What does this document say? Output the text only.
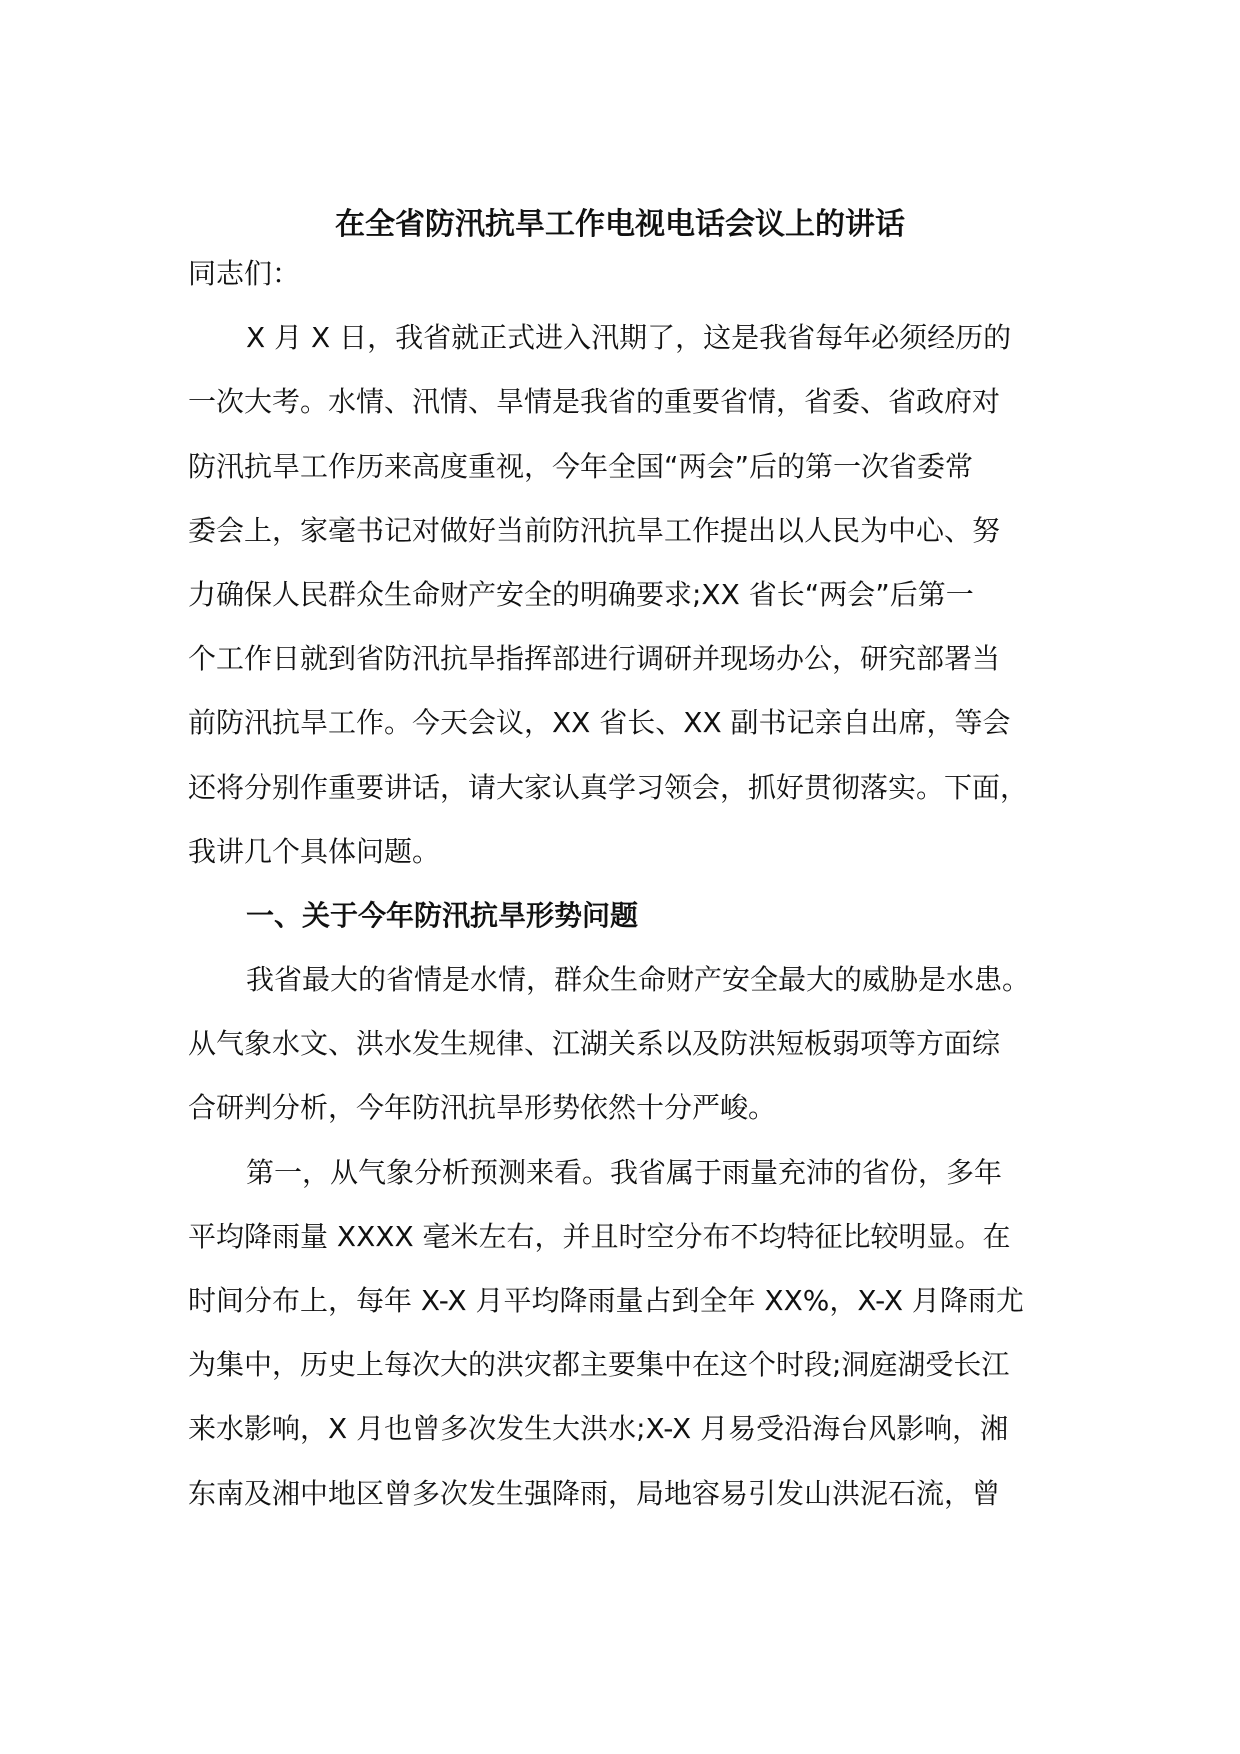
在全省防汛抗旱工作电视电话会议上的讲话
同志们：
X 月 X 日，我省就正式进入汛期了，这是我省每年必须经历的
一次大考。水情、汛情、旱情是我省的重要省情，省委、省政府对
防汛抗旱工作历来高度重视，今年全国“两会”后的第一次省委常
委会上，家毫书记对做好当前防汛抗旱工作提出以人民为中心、努
力确保人民群众生命财产安全的明确要求;XX 省长“两会”后第一
个工作日就到省防汛抗旱指挥部进行调研并现场办公，研究部署当
前防汛抗旱工作。今天会议，XX 省长、XX 副书记亲自出席，等会
还将分别作重要讲话，请大家认真学习领会，抓好贯彻落实。下面，
我讲几个具体问题。
一、关于今年防汛抗旱形势问题
我省最大的省情是水情，群众生命财产安全最大的威胁是水患。
从气象水文、洪水发生规律、江湖关系以及防洪短板弱项等方面综
合研判分析，今年防汛抗旱形势依然十分严峻。
第一，从气象分析预测来看。我省属于雨量充沛的省份，多年
平均降雨量 XXXX 毫米左右，并且时空分布不均特征比较明显。在
时间分布上，每年 X-X 月平均降雨量占到全年 XX%，X-X 月降雨尤
为集中，历史上每次大的洪灾都主要集中在这个时段;洞庭湖受长江
来水影响，X 月也曾多次发生大洪水;X-X 月易受沿海台风影响，湘
东南及湘中地区曾多次发生强降雨，局地容易引发山洪泥石流，曾
